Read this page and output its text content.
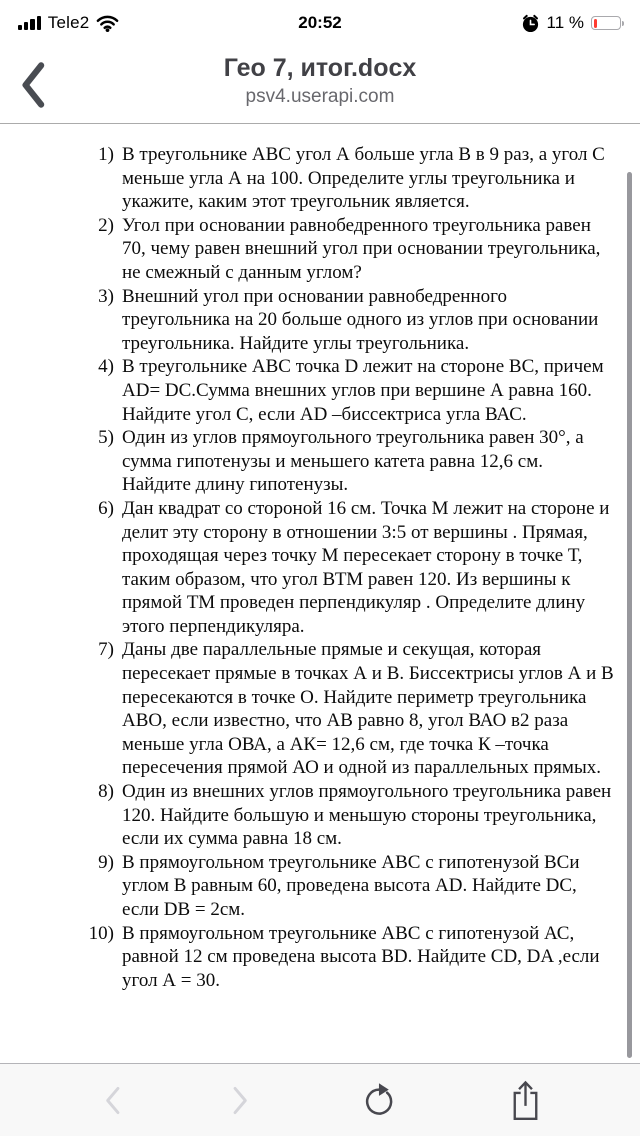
Tele2	20:52	11 %
Гео 7, итог.docx
psv4.userapi.com
1) В треугольнике АВС угол А больше угла В в 9 раз, а угол С меньше угла А на 100. Определите углы треугольника и укажите, каким этот треугольник является.
2) Угол при основании равнобедренного треугольника равен 70, чему равен внешний угол при основании треугольника, не смежный с данным углом?
3) Внешний угол при основании равнобедренного треугольника на 20 больше одного из углов при основании треугольника. Найдите углы треугольника.
4) В треугольнике АВС точка D лежит на стороне ВС, причем AD= DC.Сумма внешних углов при вершине А равна 160. Найдите угол С, если AD –биссектриса угла ВАС.
5) Один из углов прямоугольного треугольника равен 30°, а сумма гипотенузы и меньшего катета равна 12,6 см. Найдите длину гипотенузы.
6) Дан квадрат со стороной 16 см. Точка М лежит на стороне и делит эту сторону в отношении 3:5 от вершины . Прямая, проходящая через точку М пересекает сторону в точке Т, таким образом, что угол ВТМ равен 120. Из вершины к прямой ТМ проведен перпендикуляр . Определите длину этого перпендикуляра.
7) Даны две параллельные прямые и секущая, которая пересекает прямые в точках А и В. Биссектрисы углов А и В пересекаются в точке О. Найдите периметр треугольника АВО, если известно, что АВ равно 8, угол ВАО в2 раза меньше угла ОВА, а АК= 12,6 см, где точка К –точка пересечения прямой АО и одной из параллельных прямых.
8) Один из внешних углов прямоугольного треугольника равен 120. Найдите большую и меньшую стороны треугольника, если их сумма равна 18 см.
9) В прямоугольном треугольнике АВС с гипотенузой ВСи углом В равным 60, проведена высота AD. Найдите DC, если DB = 2см.
10) В прямоугольном треугольнике АВС с гипотенузой АС, равной 12 см проведена высота BD. Найдите CD, DA ,если угол А = 30.
